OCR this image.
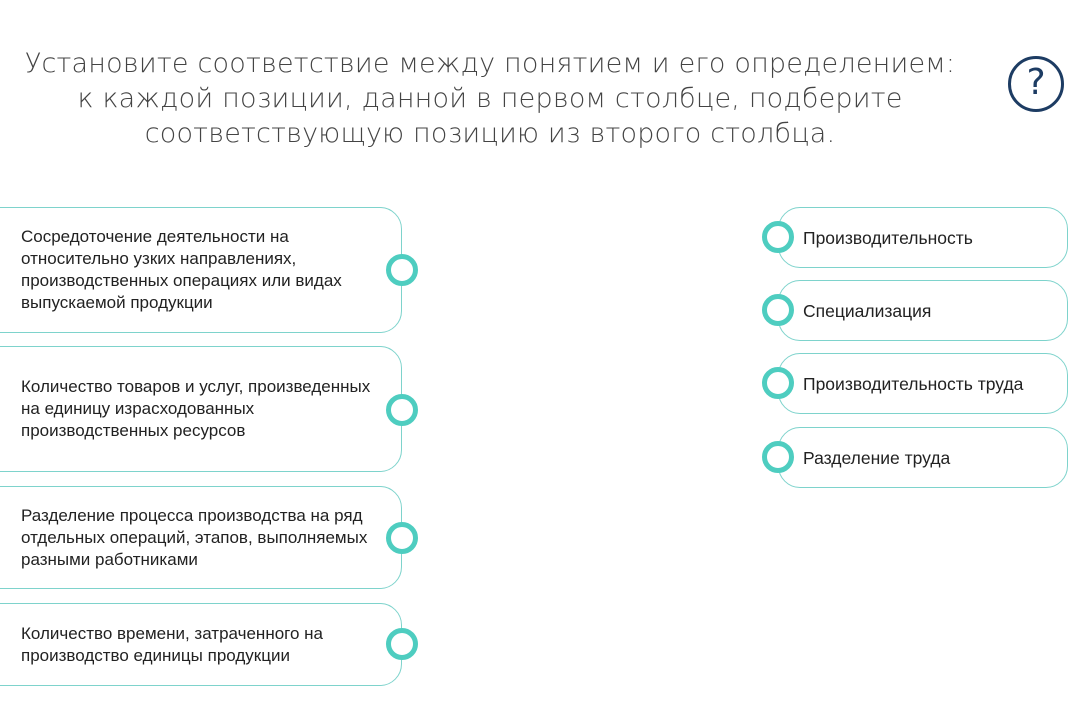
Установите соответствие между понятием и его определением: к каждой позиции, данной в первом столбце, подберите соответствующую позицию из второго столбца.
?
Сосредоточение деятельности на относительно узких направлениях, производственных операциях или видах выпускаемой продукции
Количество товаров и услуг, произведенных на единицу израсходованных производственных ресурсов
Разделение процесса производства на ряд отдельных операций, этапов, выполняемых разными работниками
Количество времени, затраченного на производство единицы продукции
Производительность
Специализация
Производительность труда
Разделение труда
